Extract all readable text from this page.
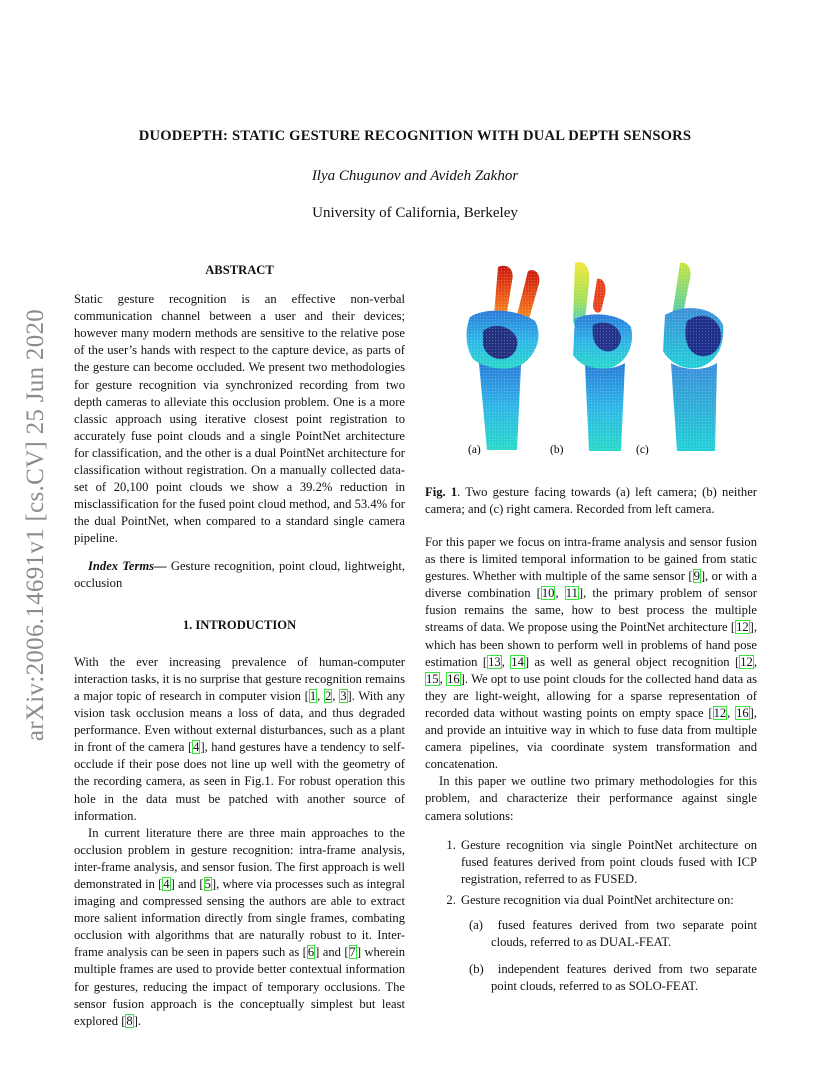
arXiv:2006.14691v1 [cs.CV] 25 Jun 2020
DUODEPTH: STATIC GESTURE RECOGNITION WITH DUAL DEPTH SENSORS
Ilya Chugunov and Avideh Zakhor
University of California, Berkeley
ABSTRACT

Static gesture recognition is an effective non-verbal communication channel between a user and their devices; however many modern methods are sensitive to the relative pose of the user’s hands with respect to the capture device, as parts of the gesture can become occluded. We present two methodologies for gesture recognition via synchronized recording from two depth cameras to alleviate this occlusion problem. One is a more classic approach using iterative closest point registration to accurately fuse point clouds and a single PointNet architecture for classification, and the other is a dual PointNet architecture for classification without registration. On a manually collected data-set of 20,100 point clouds we show a 39.2% reduction in misclassification for the fused point cloud method, and 53.4% for the dual PointNet, when compared to a standard single camera pipeline.

Index Terms— Gesture recognition, point cloud, lightweight, occlusion

1. INTRODUCTION

With the ever increasing prevalence of human-computer interaction tasks, it is no surprise that gesture recognition remains a major topic of research in computer vision [1, 2, 3]. With any vision task occlusion means a loss of data, and thus degraded performance. Even without external disturbances, such as a plant in front of the camera [4], hand gestures have a tendency to self-occlude if their pose does not line up well with the geometry of the recording camera, as seen in Fig.1. For robust operation this hole in the data must be patched with another source of information.

In current literature there are three main approaches to the occlusion problem in gesture recognition: intra-frame analysis, inter-frame analysis, and sensor fusion. The first approach is well demonstrated in [4] and [5], where via processes such as integral imaging and compressed sensing the authors are able to extract more salient information directly from single frames, combating occlusion with algorithms that are naturally robust to it. Inter-frame analysis can be seen in papers such as [6] and [7] wherein multiple frames are used to provide better contextual information for gestures, reducing the impact of temporary occlusions. The sensor fusion approach is the conceptually simplest but least explored [8].

(a)	(b)	(c)
Fig. 1. Two gesture facing towards (a) left camera; (b) neither camera; and (c) right camera. Recorded from left camera.

For this paper we focus on intra-frame analysis and sensor fusion as there is limited temporal information to be gained from static gestures. Whether with multiple of the same sensor [9], or with a diverse combination [10, 11], the primary problem of sensor fusion remains the same, how to best process the multiple streams of data. We propose using the PointNet architecture [12], which has been shown to perform well in problems of hand pose estimation [13, 14] as well as general object recognition [12, 15, 16]. We opt to use point clouds for the collected hand data as they are light-weight, allowing for a sparse representation of recorded data without wasting points on empty space [12, 16], and provide an intuitive way in which to fuse data from multiple camera pipelines, via coordinate system transformation and concatenation.

In this paper we outline two primary methodologies for this problem, and characterize their performance against single camera solutions:

1. Gesture recognition via single PointNet architecture on fused features derived from point clouds fused with ICP registration, referred to as FUSED.
2. Gesture recognition via dual PointNet architecture on:
(a) fused features derived from two separate point clouds, referred to as DUAL-FEAT.
(b) independent features derived from two separate point clouds, referred to as SOLO-FEAT.
